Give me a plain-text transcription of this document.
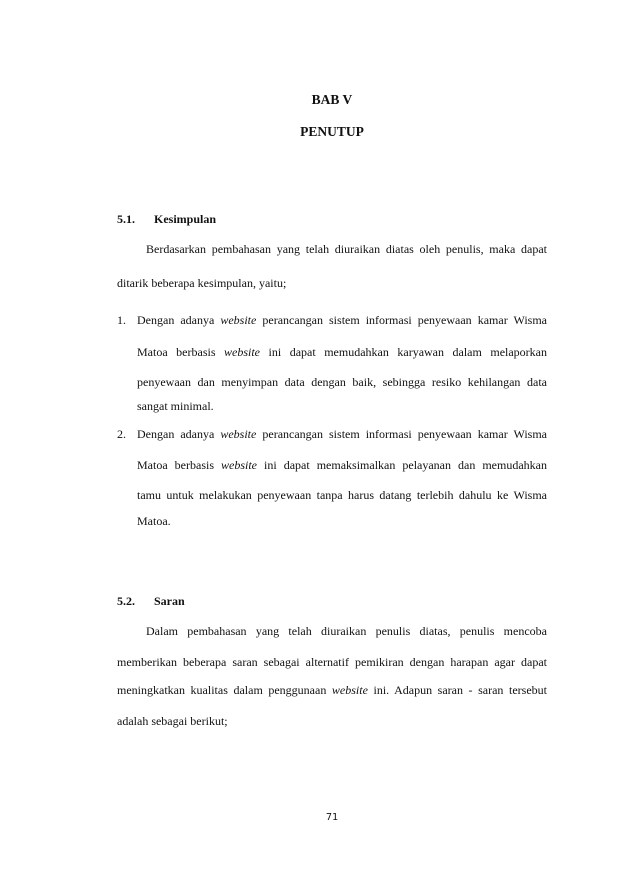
BAB V
PENUTUP
5.1. Kesimpulan
Berdasarkan pembahasan yang telah diuraikan diatas oleh penulis, maka dapat
ditarik beberapa kesimpulan, yaitu;
1. Dengan adanya website perancangan sistem informasi penyewaan kamar Wisma
Matoa berbasis website ini dapat memudahkan karyawan dalam melaporkan
penyewaan dan menyimpan data dengan baik, sebingga resiko kehilangan data
sangat minimal.
2. Dengan adanya website perancangan sistem informasi penyewaan kamar Wisma
Matoa berbasis website ini dapat memaksimalkan pelayanan dan memudahkan
tamu untuk melakukan penyewaan tanpa harus datang terlebih dahulu ke Wisma
Matoa.
5.2. Saran
Dalam pembahasan yang telah diuraikan penulis diatas, penulis mencoba
memberikan beberapa saran sebagai alternatif pemikiran dengan harapan agar dapat
meningkatkan kualitas dalam penggunaan website ini. Adapun saran - saran tersebut
adalah sebagai berikut;
71
